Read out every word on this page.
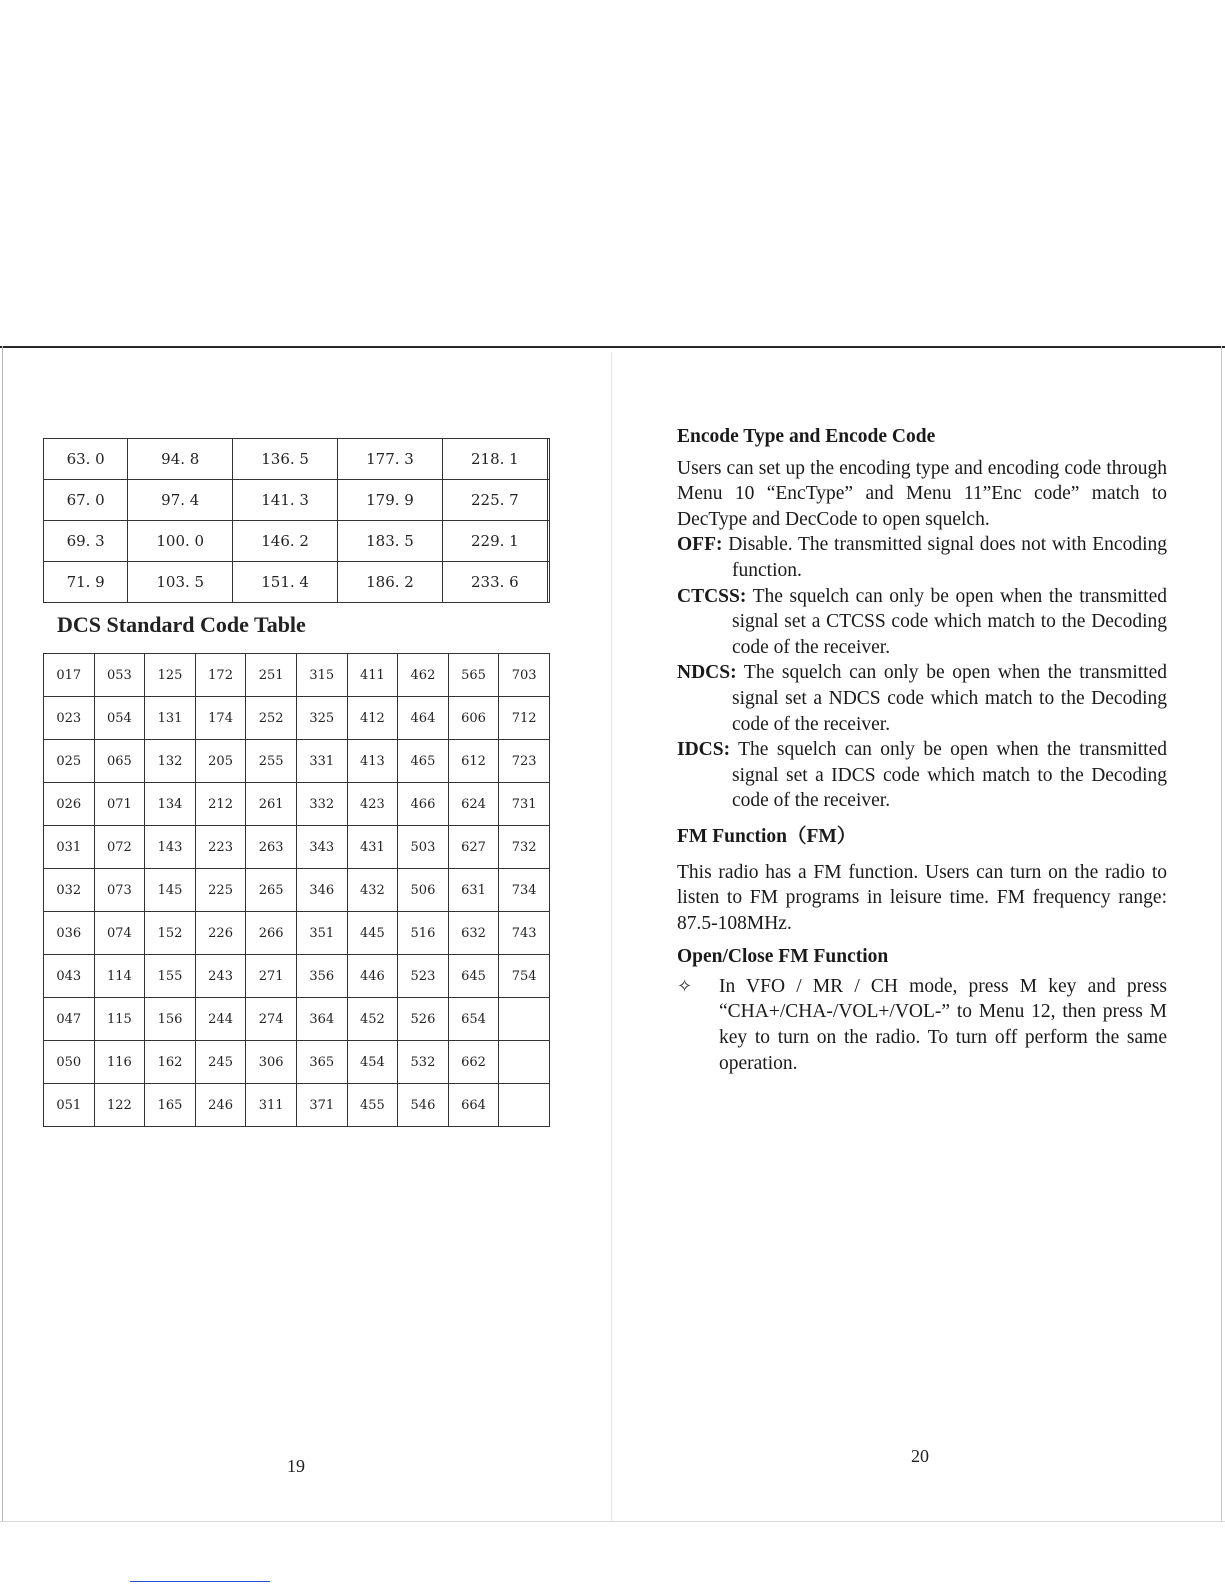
63. 0	94. 8	136. 5	177. 3	218. 1	
67. 0	97. 4	141. 3	179. 9	225. 7	
69. 3	100. 0	146. 2	183. 5	229. 1	
71. 9	103. 5	151. 4	186. 2	233. 6	
DCS Standard Code Table
017	053	125	172	251	315	411	462	565	703
023	054	131	174	252	325	412	464	606	712
025	065	132	205	255	331	413	465	612	723
026	071	134	212	261	332	423	466	624	731
031	072	143	223	263	343	431	503	627	732
032	073	145	225	265	346	432	506	631	734
036	074	152	226	266	351	445	516	632	743
043	114	155	243	271	356	446	523	645	754
047	115	156	244	274	364	452	526	654	
050	116	162	245	306	365	454	532	662	
051	122	165	246	311	371	455	546	664	
19
Encode Type and Encode Code

Users can set up the encoding type and encoding code through Menu 10 “EncType” and Menu 11”Enc code” match to DecType and DecCode to open squelch.

OFF: Disable. The transmitted signal does not with Encoding function.

CTCSS: The squelch can only be open when the transmitted signal set a CTCSS code which match to the Decoding code of the receiver.

NDCS: The squelch can only be open when the transmitted signal set a NDCS code which match to the Decoding code of the receiver.

IDCS: The squelch can only be open when the transmitted signal set a IDCS code which match to the Decoding code of the receiver.

FM Function（FM）

This radio has a FM function. Users can turn on the radio to listen to FM programs in leisure time. FM frequency range: 87.5-108MHz.

Open/Close FM Function
✧	In VFO / MR / CH mode, press M key and press “CHA+/CHA-/VOL+/VOL-” to Menu 12, then press M key to turn on the radio. To turn off perform the same operation.
20
